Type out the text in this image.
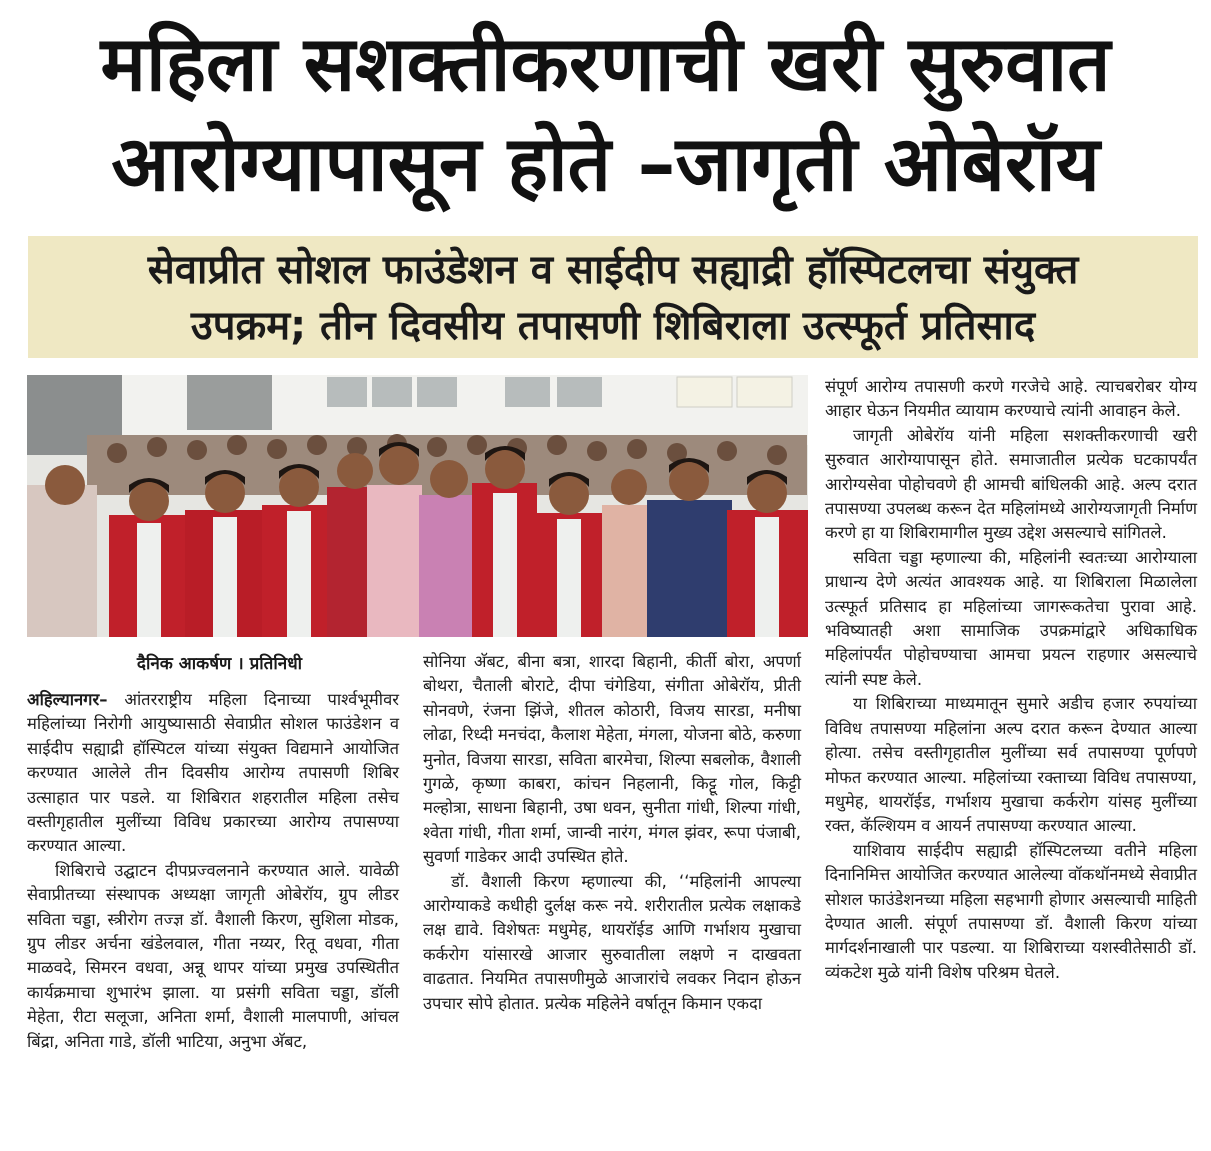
महिला सशक्तीकरणाची खरी सुरुवात
आरोग्यापासून होते –जागृती ओबेरॉय
सेवाप्रीत सोशल फाउंडेशन व साईदीप सह्याद्री हॉस्पिटलचा संयुक्त
उपक्रम; तीन दिवसीय तपासणी शिबिराला उत्स्फूर्त प्रतिसाद
दैनिक आकर्षण । प्रतिनिधी

अहिल्यानगर– आंतरराष्ट्रीय महिला दिनाच्या पार्श्वभूमीवर महिलांच्या निरोगी आयुष्यासाठी सेवाप्रीत सोशल फाउंडेशन व साईदीप सह्याद्री हॉस्पिटल यांच्या संयुक्त विद्यमाने आयोजित करण्यात आलेले तीन दिवसीय आरोग्य तपासणी शिबिर उत्साहात पार पडले. या शिबिरात शहरातील महिला तसेच वस्तीगृहातील मुलींच्या विविध प्रकारच्या आरोग्य तपासण्या करण्यात आल्या.

शिबिराचे उद्घाटन दीपप्रज्वलनाने करण्यात आले. यावेळी सेवाप्रीतच्या संस्थापक अध्यक्षा जागृती ओबेरॉय, ग्रुप लीडर सविता चड्डा, स्त्रीरोग तज्ज्ञ डॉ. वैशाली किरण, सुशिला मोडक, ग्रुप लीडर अर्चना खंडेलवाल, गीता नय्यर, रितू वधवा, गीता माळवदे, सिमरन वधवा, अन्नू थापर यांच्या प्रमुख उपस्थितीत कार्यक्रमाचा शुभारंभ झाला. या प्रसंगी सविता चड्डा, डॉली मेहेता, रीटा सलूजा, अनिता शर्मा, वैशाली मालपाणी, आंचल बिंद्रा, अनिता गाडे, डॉली भाटिया, अनुभा अ‍ॅबट,

सोनिया अ‍ॅबट, बीना बत्रा, शारदा बिहानी, कीर्ती बोरा, अपर्णा बोथरा, चैताली बोराटे, दीपा चंगेडिया, संगीता ओबेरॉय, प्रीती सोनवणे, रंजना झिंजे, शीतल कोठारी, विजय सारडा, मनीषा लोढा, रिध्दी मनचंदा, कैलाश मेहेता, मंगला, योजना बोठे, करुणा मुनोत, विजया सारडा, सविता बारमेचा, शिल्पा सबलोक, वैशाली गुगळे, कृष्णा काबरा, कांचन निहलानी, किट्टू गोल, किट्टी मल्होत्रा, साधना बिहानी, उषा धवन, सुनीता गांधी, शिल्पा गांधी, श्वेता गांधी, गीता शर्मा, जान्वी नारंग, मंगल झंवर, रूपा पंजाबी, सुवर्णा गाडेकर आदी उपस्थित होते.

डॉ. वैशाली किरण म्हणाल्या की, ‘‘महिलांनी आपल्या आरोग्याकडे कधीही दुर्लक्ष करू नये. शरीरातील प्रत्येक लक्षाकडे लक्ष द्यावे. विशेषतः मधुमेह, थायरॉईड आणि गर्भाशय मुखाचा कर्करोग यांसारखे आजार सुरुवातीला लक्षणे न दाखवता वाढतात. नियमित तपासणीमुळे आजारांचे लवकर निदान होऊन उपचार सोपे होतात. प्रत्येक महिलेने वर्षातून किमान एकदा

संपूर्ण आरोग्य तपासणी करणे गरजेचे आहे. त्याचबरोबर योग्य आहार घेऊन नियमीत व्यायाम करण्याचे त्यांनी आवाहन केले.

जागृती ओबेरॉय यांनी महिला सशक्तीकरणाची खरी सुरुवात आरोग्यापासून होते. समाजातील प्रत्येक घटकापर्यंत आरोग्यसेवा पोहोचवणे ही आमची बांधिलकी आहे. अल्प दरात तपासण्या उपलब्ध करून देत महिलांमध्ये आरोग्यजागृती निर्माण करणे हा या शिबिरामागील मुख्य उद्देश असल्याचे सांगितले.

सविता चड्डा म्हणाल्या की, महिलांनी स्वतःच्या आरोग्याला प्राधान्य देणे अत्यंत आवश्यक आहे. या शिबिराला मिळालेला उत्स्फूर्त प्रतिसाद हा महिलांच्या जागरूकतेचा पुरावा आहे. भविष्यातही अशा सामाजिक उपक्रमांद्वारे अधिकाधिक महिलांपर्यंत पोहोचण्याचा आमचा प्रयत्न राहणार असल्याचे त्यांनी स्पष्ट केले.

या शिबिराच्या माध्यमातून सुमारे अडीच हजार रुपयांच्या विविध तपासण्या महिलांना अल्प दरात करून देण्यात आल्या होत्या. तसेच वस्तीगृहातील मुलींच्या सर्व तपासण्या पूर्णपणे मोफत करण्यात आल्या. महिलांच्या रक्ताच्या विविध तपासण्या, मधुमेह, थायरॉईड, गर्भाशय मुखाचा कर्करोग यांसह मुलींच्या रक्त, कॅल्शियम व आयर्न तपासण्या करण्यात आल्या.

याशिवाय साईदीप सह्याद्री हॉस्पिटलच्या वतीने महिला दिनानिमित्त आयोजित करण्यात आलेल्या वॉकथॉनमध्ये सेवाप्रीत सोशल फाउंडेशनच्या महिला सहभागी होणार असल्याची माहिती देण्यात आली. संपूर्ण तपासण्या डॉ. वैशाली किरण यांच्या मार्गदर्शनाखाली पार पडल्या. या शिबिराच्या यशस्वीतेसाठी डॉ. व्यंकटेश मुळे यांनी विशेष परिश्रम घेतले.
